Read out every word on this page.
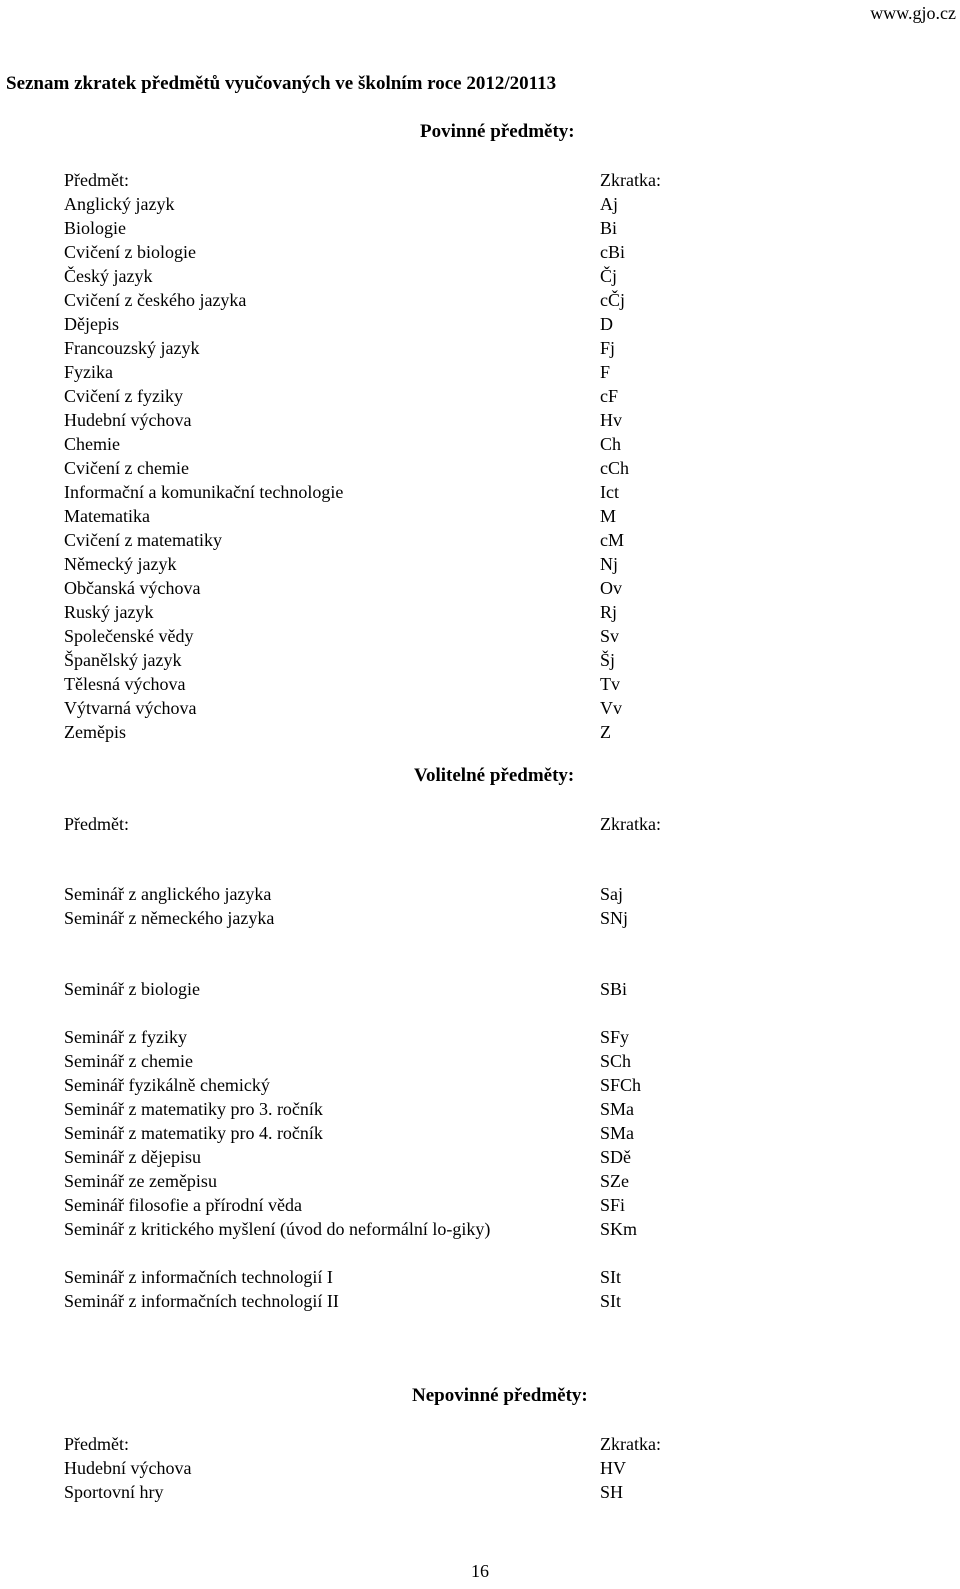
www.gjo.cz
Seznam zkratek předmětů vyučovaných ve školním roce 2012/20113
Povinné předměty:
Předmět:	Zkratka:
Anglický jazyk	Aj
Biologie	Bi
Cvičení z biologie	cBi
Český jazyk	Čj
Cvičení z českého jazyka	cČj
Dějepis	D
Francouzský jazyk	Fj
Fyzika	F
Cvičení z fyziky	cF
Hudební výchova	Hv
Chemie	Ch
Cvičení z chemie	cCh
Informační a komunikační technologie	Ict
Matematika	M
Cvičení z matematiky	cM
Německý jazyk	Nj
Občanská výchova	Ov
Ruský jazyk	Rj
Společenské vědy	Sv
Španělský jazyk	Šj
Tělesná výchova	Tv
Výtvarná výchova	Vv
Zeměpis	Z
Volitelné předměty:
Předmět:	Zkratka:
Seminář z anglického jazyka	Saj
Seminář z německého jazyka	SNj
Seminář z biologie	SBi
Seminář z fyziky	SFy
Seminář z chemie	SCh
Seminář fyzikálně chemický	SFCh
Seminář z matematiky pro 3. ročník	SMa
Seminář z matematiky pro 4. ročník	SMa
Seminář z dějepisu	SDě
Seminář ze zeměpisu	SZe
Seminář filosofie a přírodní věda	SFi
Seminář z kritického myšlení (úvod do neformální lo-giky)	SKm
Seminář z informačních technologií I	SIt
Seminář z informačních technologií II	SIt
Nepovinné předměty:
Předmět:	Zkratka:
Hudební výchova	HV
Sportovní hry	SH
16
